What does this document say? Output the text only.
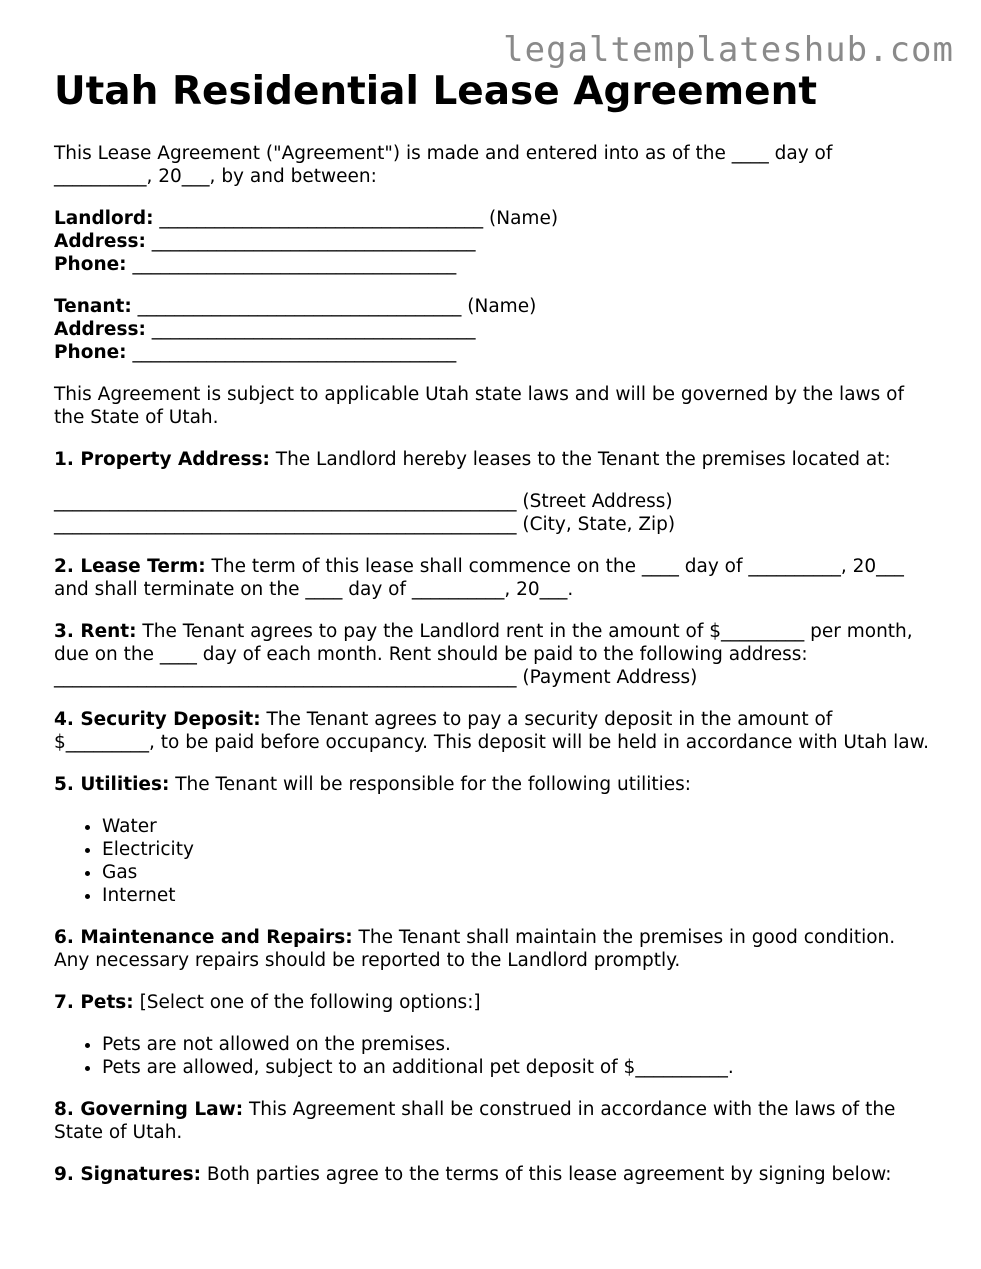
legaltemplateshub.com
Utah Residential Lease Agreement
This Lease Agreement ("Agreement") is made and entered into as of the ____ day of
__________, 20___, by and between:
Landlord: ___________________________________ (Name)
Address: ___________________________________
Phone: ___________________________________
Tenant: ___________________________________ (Name)
Address: ___________________________________
Phone: ___________________________________

This Agreement is subject to applicable Utah state laws and will be governed by the laws of the State of Utah.

1. Property Address: The Landlord hereby leases to the Tenant the premises located at:

__________________________________________________ (Street Address)
__________________________________________________ (City, State, Zip)

2. Lease Term: The term of this lease shall commence on the ____ day of __________, 20___ and shall terminate on the ____ day of __________, 20___.

3. Rent: The Tenant agrees to pay the Landlord rent in the amount of $_________ per month, due on the ____ day of each month. Rent should be paid to the following address: __________________________________________________ (Payment Address)

4. Security Deposit: The Tenant agrees to pay a security deposit in the amount of $_________, to be paid before occupancy. This deposit will be held in accordance with Utah law.

5. Utilities: The Tenant will be responsible for the following utilities:

• Water
• Electricity
• Gas
• Internet

6. Maintenance and Repairs: The Tenant shall maintain the premises in good condition. Any necessary repairs should be reported to the Landlord promptly.

7. Pets: [Select one of the following options:]

• Pets are not allowed on the premises.
• Pets are allowed, subject to an additional pet deposit of $__________.

8. Governing Law: This Agreement shall be construed in accordance with the laws of the State of Utah.

9. Signatures: Both parties agree to the terms of this lease agreement by signing below:
